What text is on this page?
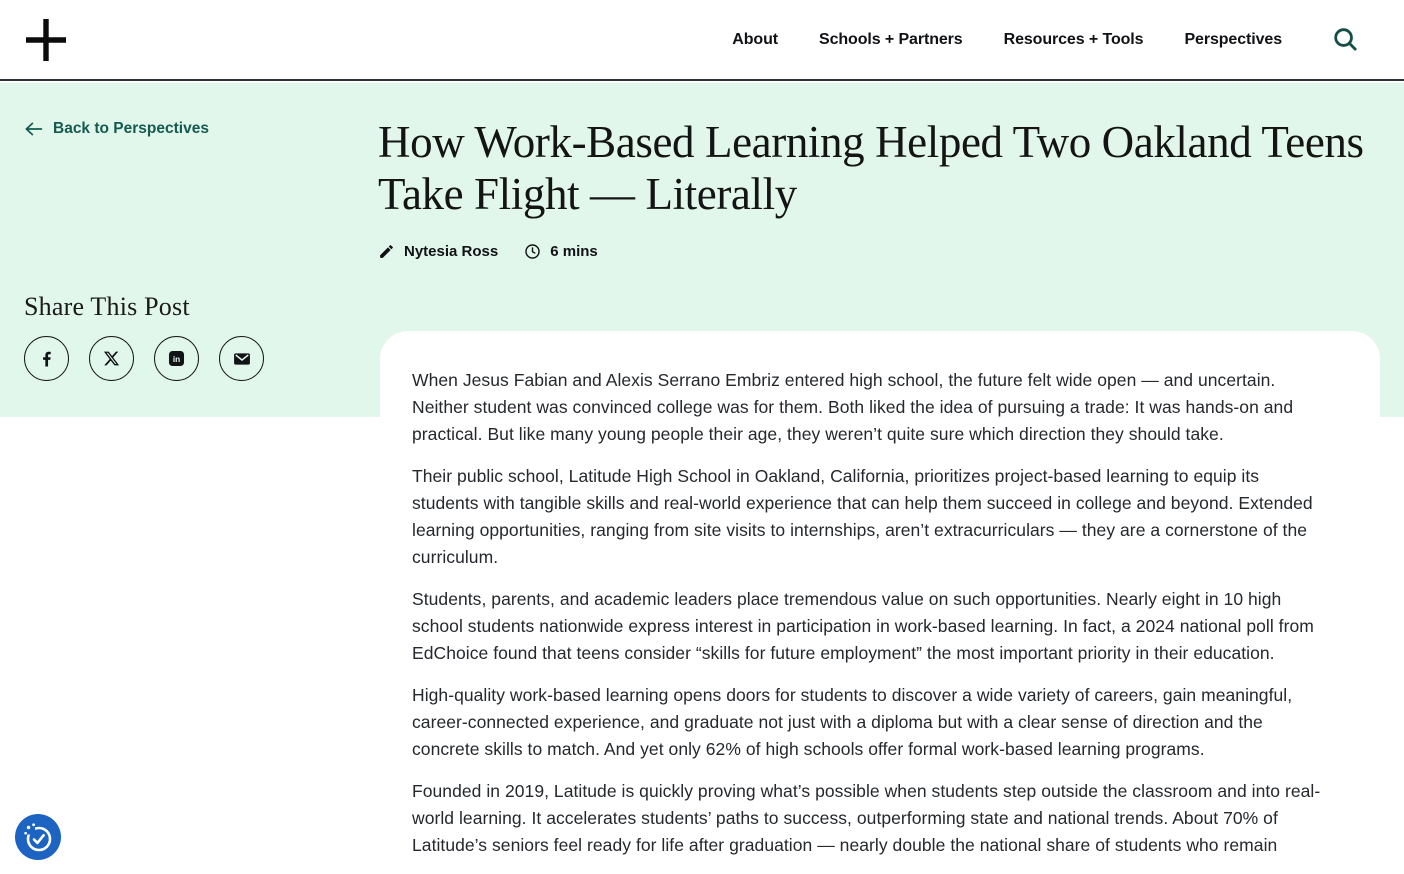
About	Schools + Partners	Resources + Tools	Perspectives
Back to Perspectives	How Work-Based Learning Helped Two Oakland Teens Take Flight — Literally
Nytesia Ross	6 mins
Share This Post
in

When Jesus Fabian and Alexis Serrano Embriz entered high school, the future felt wide open — and uncertain. Neither student was convinced college was for them. Both liked the idea of pursuing a trade: It was hands-on and practical. But like many young people their age, they weren’t quite sure which direction they should take.

Their public school, Latitude High School in Oakland, California, prioritizes project-based learning to equip its students with tangible skills and real-world experience that can help them succeed in college and beyond. Extended learning opportunities, ranging from site visits to internships, aren’t extracurriculars — they are a cornerstone of the curriculum.

Students, parents, and academic leaders place tremendous value on such opportunities. Nearly eight in 10 high school students nationwide express interest in participation in work-based learning. In fact, a 2024 national poll from EdChoice found that teens consider “skills for future employment” the most important priority in their education.

High-quality work-based learning opens doors for students to discover a wide variety of careers, gain meaningful, career-connected experience, and graduate not just with a diploma but with a clear sense of direction and the concrete skills to match. And yet only 62% of high schools offer formal work-based learning programs.

Founded in 2019, Latitude is quickly proving what’s possible when students step outside the classroom and into real-world learning. It accelerates students’ paths to success, outperforming state and national trends. About 70% of Latitude’s seniors feel ready for life after graduation — nearly double the national share of students who remain
